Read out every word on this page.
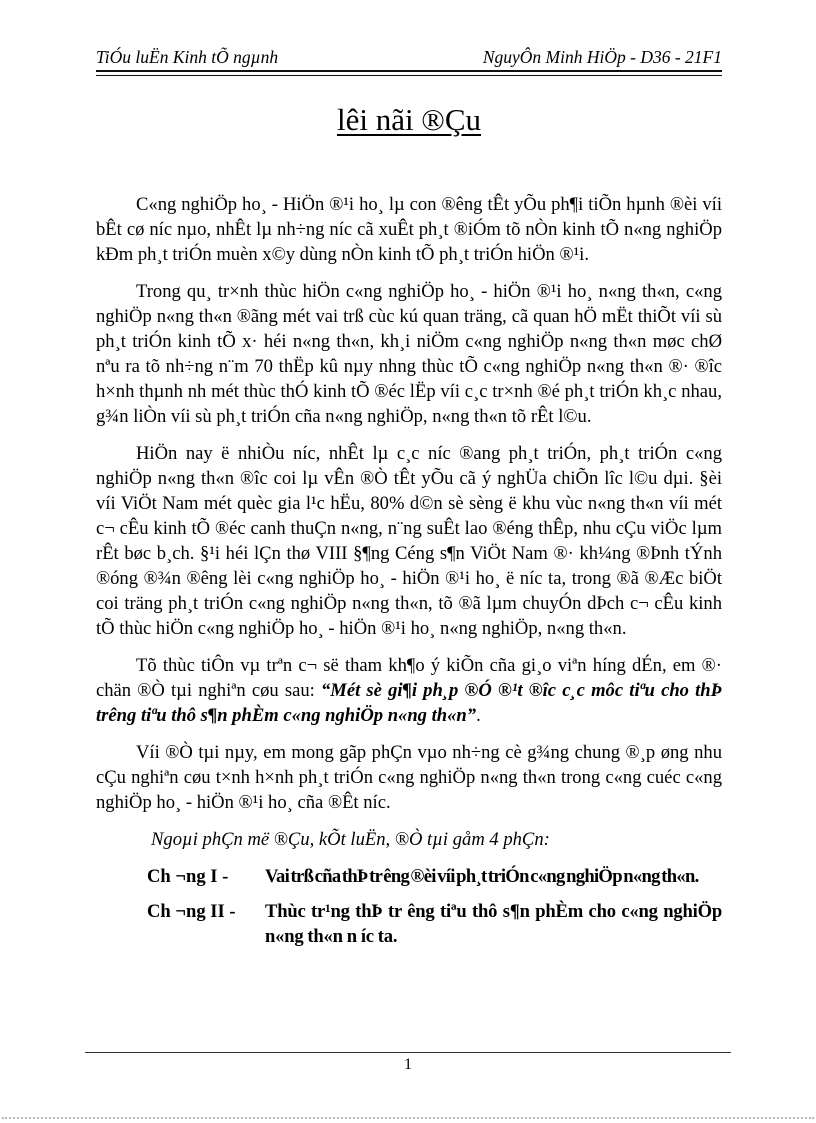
TiÓu luËn Kinh tÕ ngµnh	NguyÔn Minh HiÖp - D36 - 21F1
lêi nãi ®Çu

C«ng nghiÖp ho¸ - HiÖn ®¹i ho¸ lµ con ®êng tÊt yÕu ph¶i tiÕn hµnh ®èi víi bÊt cø níc nµo, nhÊt lµ nh÷ng níc cã xuÊt ph¸t ®iÓm tõ nÒn kinh tÕ n«ng nghiÖp kÐm ph¸t triÓn muèn x©y dùng nÒn kinh tÕ ph¸t triÓn hiÖn ®¹i.

Trong qu¸ tr×nh thùc hiÖn c«ng nghiÖp ho¸ - hiÖn ®¹i ho¸ n«ng th«n, c«ng nghiÖp n«ng th«n ®ãng mét vai trß cùc kú quan träng, cã quan hÖ mËt thiÕt víi sù ph¸t triÓn kinh tÕ x· héi n«ng th«n, kh¸i niÖm c«ng nghiÖp n«ng th«n møc chØ nªu ra tõ nh÷ng n¨m 70 thËp kû nµy nhng thùc tÕ c«ng nghiÖp n«ng th«n ®· ®îc h×nh thµnh nh mét thùc thÓ kinh tÕ ®éc lËp víi c¸c tr×nh ®é ph¸t triÓn kh¸c nhau, g¾n liÒn víi sù ph¸t triÓn cña n«ng nghiÖp, n«ng th«n tõ rÊt l©u.

HiÖn nay ë nhiÒu níc, nhÊt lµ c¸c níc ®ang ph¸t triÓn, ph¸t triÓn c«ng nghiÖp n«ng th«n ®îc coi lµ vÊn ®Ò tÊt yÕu cã ý nghÜa chiÕn lîc l©u dµi. §èi víi ViÖt Nam mét quèc gia l¹c hËu, 80% d©n sè sèng ë khu vùc n«ng th«n víi mét c¬ cÊu kinh tÕ ®éc canh thuÇn n«ng, n¨ng suÊt lao ®éng thÊp, nhu cÇu viÖc lµm rÊt bøc b¸ch. §¹i héi lÇn thø VIII §¶ng Céng s¶n ViÖt Nam ®· kh¼ng ®Þnh tÝnh ®óng ®¾n ®êng lèi c«ng nghiÖp ho¸ - hiÖn ®¹i ho¸ ë níc ta, trong ®ã ®Æc biÖt coi träng ph¸t triÓn c«ng nghiÖp n«ng th«n, tõ ®ã lµm chuyÓn dÞch c¬ cÊu kinh tÕ thùc hiÖn c«ng nghiÖp ho¸ - hiÖn ®¹i ho¸ n«ng nghiÖp, n«ng th«n.

Tõ thùc tiÔn vµ trªn c¬ së tham kh¶o ý kiÕn cña gi¸o viªn híng dÉn, em ®· chän ®Ò tµi nghiªn cøu sau: “Mét sè gi¶i ph¸p ®Ó ®¹t ®îc c¸c môc tiªu cho thÞ trêng tiªu thô s¶n phÈm c«ng nghiÖp n«ng th«n”.

Víi ®Ò tµi nµy, em mong gãp phÇn vµo nh÷ng cè g¾ng chung ®¸p øng nhu cÇu nghiªn cøu t×nh h×nh ph¸t triÓn c«ng nghiÖp n«ng th«n trong c«ng cuéc c«ng nghiÖp ho¸ - hiÖn ®¹i ho¸ cña ®Êt níc.

Ngoµi phÇn më ®Çu, kÕt luËn, ®Ò tµi gåm 4 phÇn:

Ch ¬ng I -	Vai trß cña thÞ tr êng ®èi víi ph¸t triÓn c«ng nghiÖp n«ng th«n.
Ch ¬ng II -	Thùc tr¹ng thÞ tr êng tiªu thô s¶n phÈm cho c«ng nghiÖp n«ng th«n n íc ta.
1
